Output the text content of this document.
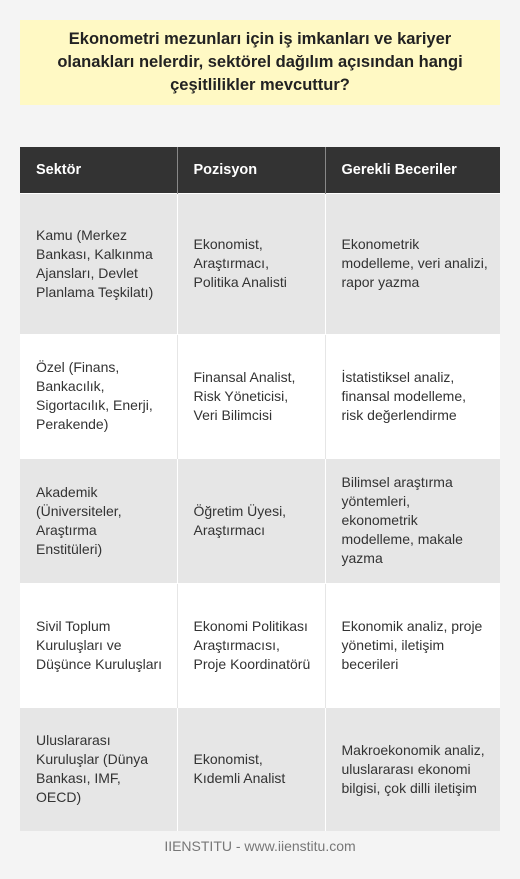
Ekonometri mezunları için iş imkanları ve kariyer olanakları nelerdir, sektörel dağılım açısından hangi çeşitlilikler mevcuttur?

Sektör	Pozisyon	Gerekli Beceriler
Kamu (Merkez Bankası, Kalkınma Ajansları, Devlet Planlama Teşkilatı)	Ekonomist, Araştırmacı, Politika Analisti	Ekonometrik modelleme, veri analizi, rapor yazma
Özel (Finans, Bankacılık, Sigortacılık, Enerji, Perakende)	Finansal Analist, Risk Yöneticisi, Veri Bilimcisi	İstatistiksel analiz, finansal modelleme, risk değerlendirme
Akademik (Üniversiteler, Araştırma Enstitüleri)	Öğretim Üyesi, Araştırmacı	Bilimsel araştırma yöntemleri, ekonometrik modelleme, makale yazma
Sivil Toplum Kuruluşları ve Düşünce Kuruluşları	Ekonomi Politikası Araştırmacısı, Proje Koordinatörü	Ekonomik analiz, proje yönetimi, iletişim becerileri
Uluslararası Kuruluşlar (Dünya Bankası, IMF, OECD)	Ekonomist, Kıdemli Analist	Makroekonomik analiz, uluslararası ekonomi bilgisi, çok dilli iletişim
IIENSTITU - www.iienstitu.com
